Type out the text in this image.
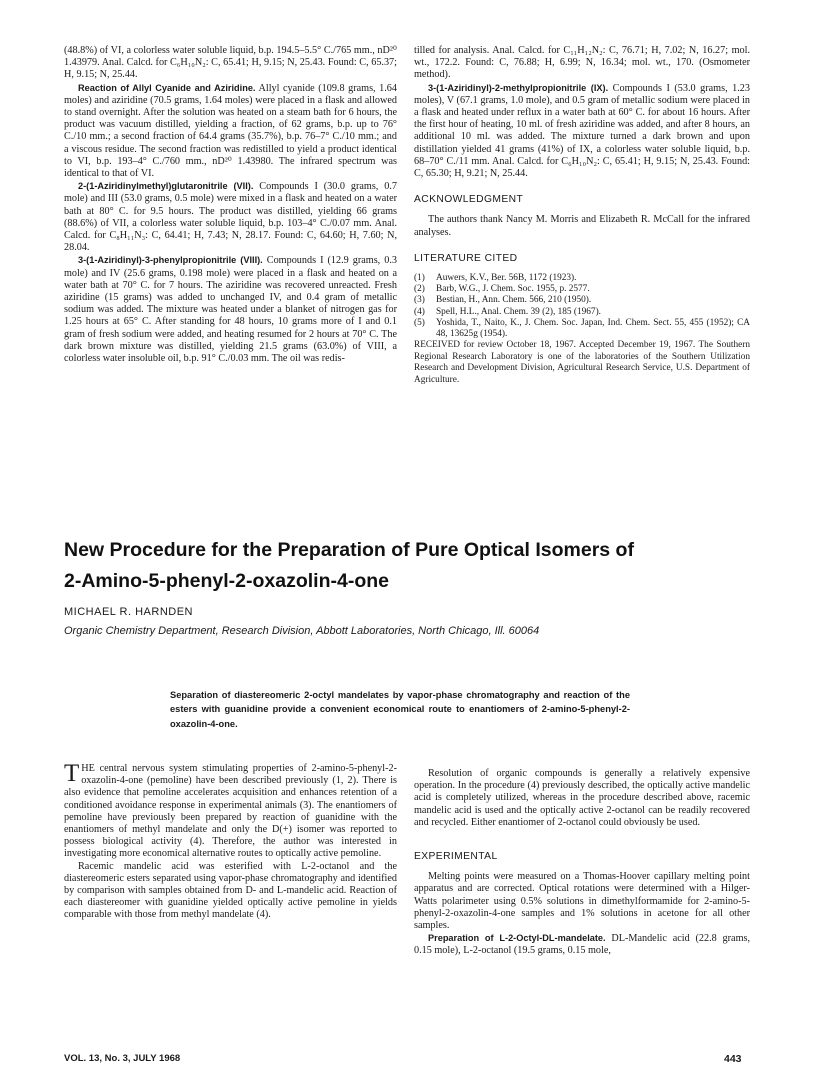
(48.8%) of VI, a colorless water soluble liquid, b.p. 194.5–5.5° C./765 mm., nD²⁰ 1.43979. Anal. Calcd. for C₆H₁₀N₂: C, 65.41; H, 9.15; N, 25.43. Found: C, 65.37; H, 9.15; N, 25.44.

Reaction of Allyl Cyanide and Aziridine. Allyl cyanide (109.8 grams, 1.64 moles) and aziridine (70.5 grams, 1.64 moles) were placed in a flask and allowed to stand overnight. After the solution was heated on a steam bath for 6 hours, the product was vacuum distilled, yielding a fraction, of 62 grams, b.p. up to 76° C./10 mm.; a second fraction of 64.4 grams (35.7%), b.p. 76–7° C./10 mm.; and a viscous residue. The second fraction was redistilled to yield a product identical to VI, b.p. 193–4° C./760 mm., nD²⁰ 1.43980. The infrared spectrum was identical to that of VI.

2-(1-Aziridinylmethyl)glutaronitrile (VII). Compounds I (30.0 grams, 0.7 mole) and III (53.0 grams, 0.5 mole) were mixed in a flask and heated on a water bath at 80° C. for 9.5 hours. The product was distilled, yielding 66 grams (88.6%) of VII, a colorless water soluble liquid, b.p. 103–4° C./0.07 mm. Anal. Calcd. for C₈H₁₁N₃: C, 64.41; H, 7.43; N, 28.17. Found: C, 64.60; H, 7.60; N, 28.04.

3-(1-Aziridinyl)-3-phenylpropionitrile (VIII). Compounds I (12.9 grams, 0.3 mole) and IV (25.6 grams, 0.198 mole) were placed in a flask and heated on a water bath at 70° C. for 7 hours. The aziridine was recovered unreacted. Fresh aziridine (15 grams) was added to unchanged IV, and 0.4 gram of metallic sodium was added. The mixture was heated under a blanket of nitrogen gas for 1.25 hours at 65° C. After standing for 48 hours, 10 grams more of I and 0.1 gram of fresh sodium were added, and heating resumed for 2 hours at 70° C. The dark brown mixture was distilled, yielding 21.5 grams (63.0%) of VIII, a colorless water insoluble oil, b.p. 91° C./0.03 mm. The oil was redis-

tilled for analysis. Anal. Calcd. for C₁₁H₁₂N₂: C, 76.71; H, 7.02; N, 16.27; mol. wt., 172.2. Found: C, 76.88; H, 6.99; N, 16.34; mol. wt., 170. (Osmometer method).

3-(1-Aziridinyl)-2-methylpropionitrile (IX). Compounds I (53.0 grams, 1.23 moles), V (67.1 grams, 1.0 mole), and 0.5 gram of metallic sodium were placed in a flask and heated under reflux in a water bath at 60° C. for about 16 hours. After the first hour of heating, 10 ml. of fresh aziridine was added, and after 8 hours, an additional 10 ml. was added. The mixture turned a dark brown and upon distillation yielded 41 grams (41%) of IX, a colorless water soluble liquid, b.p. 68–70° C./11 mm. Anal. Calcd. for C₆H₁₀N₂: C, 65.41; H, 9.15; N, 25.43. Found: C, 65.30; H, 9.21; N, 25.44.

ACKNOWLEDGMENT

The authors thank Nancy M. Morris and Elizabeth R. McCall for the infrared analyses.

LITERATURE CITED
(1)	Auwers, K.V., Ber. 56B, 1172 (1923).
(2)	Barb, W.G., J. Chem. Soc. 1955, p. 2577.
(3)	Bestian, H., Ann. Chem. 566, 210 (1950).
(4)	Spell, H.L., Anal. Chem. 39 (2), 185 (1967).
(5)	Yoshida, T., Naito, K., J. Chem. Soc. Japan, Ind. Chem. Sect. 55, 455 (1952); CA 48, 13625g (1954).

RECEIVED for review October 18, 1967. Accepted December 19, 1967. The Southern Regional Research Laboratory is one of the laboratories of the Southern Utilization Research and Development Division, Agricultural Research Service, U.S. Department of Agriculture.

New Procedure for the Preparation of Pure Optical Isomers of
2-Amino-5-phenyl-2-oxazolin-4-one
MICHAEL R. HARNDEN
Organic Chemistry Department, Research Division, Abbott Laboratories, North Chicago, Ill. 60064
Separation of diastereomeric 2-octyl mandelates by vapor-phase chromatography and reaction of the esters with guanidine provide a convenient economical route to enantiomers of 2-amino-5-phenyl-2-oxazolin-4-one.

THE central nervous system stimulating properties of 2-amino-5-phenyl-2-oxazolin-4-one (pemoline) have been described previously (1, 2). There is also evidence that pemoline accelerates acquisition and enhances retention of a conditioned avoidance response in experimental animals (3). The enantiomers of pemoline have previously been prepared by reaction of guanidine with the enantiomers of methyl mandelate and only the D(+) isomer was reported to possess biological activity (4). Therefore, the author was interested in investigating more economical alternative routes to optically active pemoline.

Racemic mandelic acid was esterified with L-2-octanol and the diastereomeric esters separated using vapor-phase chromatography and identified by comparison with samples obtained from D- and L-mandelic acid. Reaction of each diastereomer with guanidine yielded optically active pemoline in yields comparable with those from methyl mandelate (4).

Resolution of organic compounds is generally a relatively expensive operation. In the procedure (4) previously described, the optically active mandelic acid is completely utilized, whereas in the procedure described above, racemic mandelic acid is used and the optically active 2-octanol can be readily recovered and recycled. Either enantiomer of 2-octanol could obviously be used.

EXPERIMENTAL

Melting points were measured on a Thomas-Hoover capillary melting point apparatus and are corrected. Optical rotations were determined with a Hilger-Watts polarimeter using 0.5% solutions in dimethylformamide for 2-amino-5-phenyl-2-oxazolin-4-one samples and 1% solutions in acetone for all other samples.

Preparation of L-2-Octyl-DL-mandelate. DL-Mandelic acid (22.8 grams, 0.15 mole), L-2-octanol (19.5 grams, 0.15 mole,

VOL. 13, No. 3, JULY 1968	443
